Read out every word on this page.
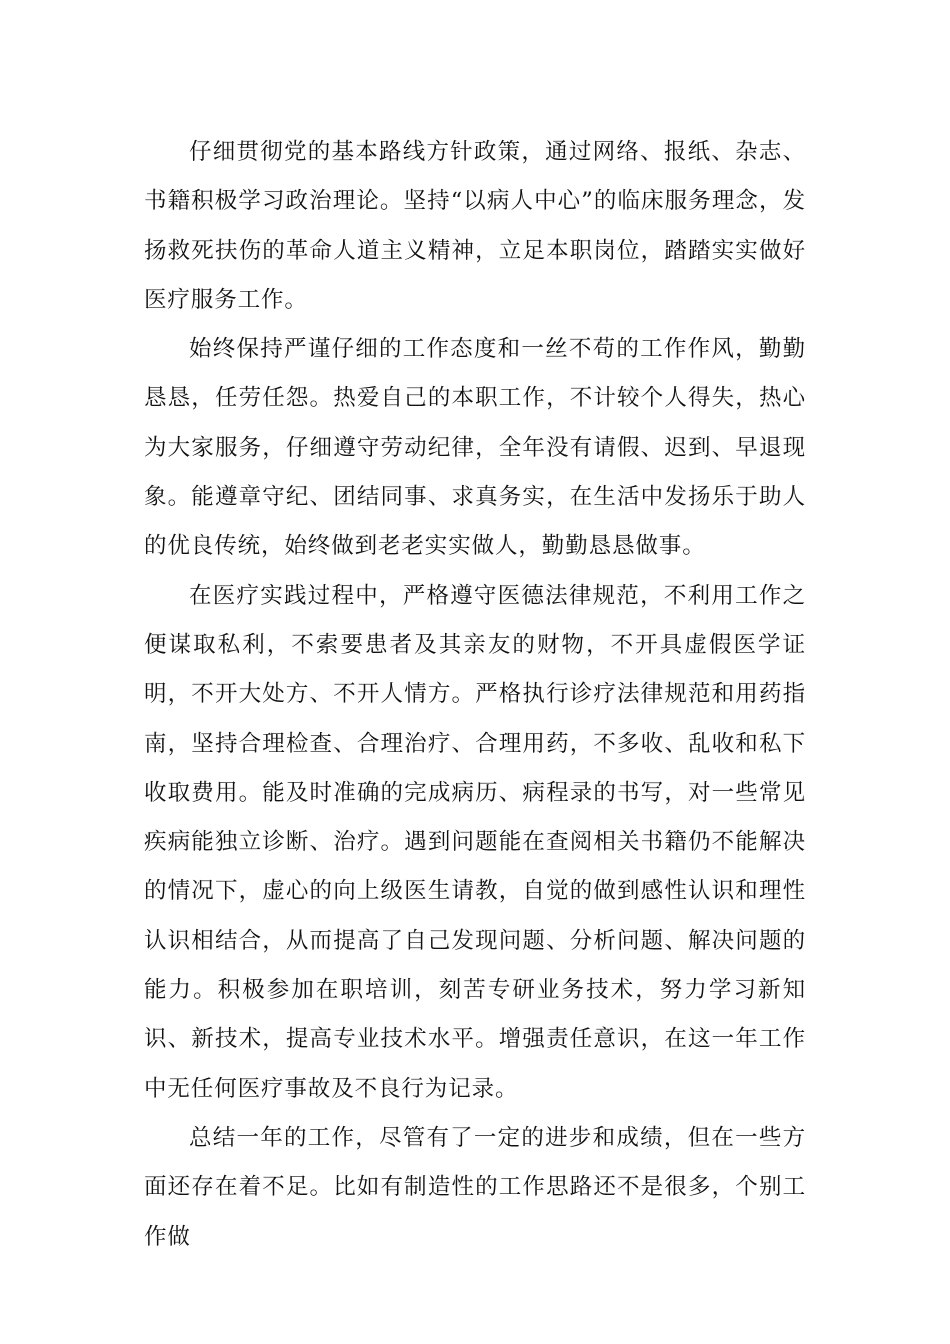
仔细贯彻党的基本路线方针政策，通过网络、报纸、杂志、书籍积极学习政治理论。坚持“以病人中心”的临床服务理念，发扬救死扶伤的革命人道主义精神，立足本职岗位，踏踏实实做好医疗服务工作。

始终保持严谨仔细的工作态度和一丝不苟的工作作风，勤勤恳恳，任劳任怨。热爱自己的本职工作，不计较个人得失，热心为大家服务，仔细遵守劳动纪律，全年没有请假、迟到、早退现象。能遵章守纪、团结同事、求真务实，在生活中发扬乐于助人的优良传统，始终做到老老实实做人，勤勤恳恳做事。

在医疗实践过程中，严格遵守医德法律规范，不利用工作之便谋取私利，不索要患者及其亲友的财物，不开具虚假医学证明，不开大处方、不开人情方。严格执行诊疗法律规范和用药指南，坚持合理检查、合理治疗、合理用药，不多收、乱收和私下收取费用。能及时准确的完成病历、病程录的书写，对一些常见疾病能独立诊断、治疗。遇到问题能在查阅相关书籍仍不能解决的情况下，虚心的向上级医生请教，自觉的做到感性认识和理性认识相结合，从而提高了自己发现问题、分析问题、解决问题的能力。积极参加在职培训，刻苦专研业务技术，努力学习新知识、新技术，提高专业技术水平。增强责任意识，在这一年工作中无任何医疗事故及不良行为记录。

总结一年的工作，尽管有了一定的进步和成绩，但在一些方面还存在着不足。比如有制造性的工作思路还不是很多，个别工作做
